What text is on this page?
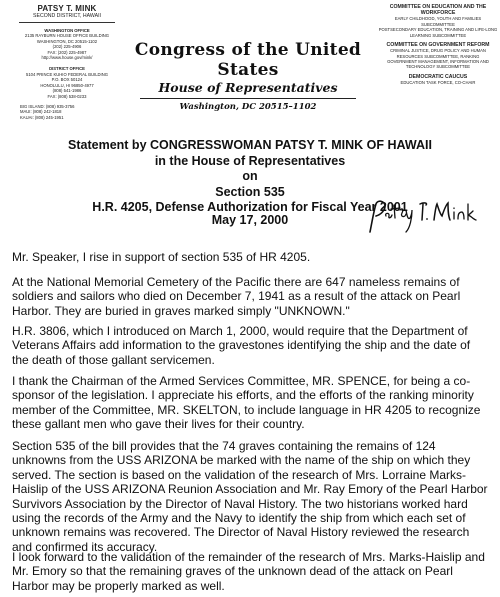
PATSY T. MINK
SECOND DISTRICT, HAWAII
WASHINGTON OFFICE
2135 RAYBURN HOUSE OFFICE BUILDING
WASHINGTON, DC 20515-1102
(202) 225-4906
FAX: (202) 225-4987
http://www.house.gov/mink/
DISTRICT OFFICE
5104 PRINCE KUHIO FEDERAL BUILDING
P.O. BOX 50124
HONOLULU, HI 96850-4977
(808) 541-1986
FAX: (808) 538-0233
BIG ISLAND: (808) 935-3756
MAUI: (808) 242-1818
KAUAI: (808) 245-1951
Congress of the United States
House of Representatives
Washington, DC 20515–1102
COMMITTEE ON EDUCATION AND THE WORKFORCE
EARLY CHILDHOOD, YOUTH AND FAMILIES SUBCOMMITTEE
POSTSECONDARY EDUCATION, TRAINING AND LIFE-LONG LEARNING SUBCOMMITTEE
COMMITTEE ON GOVERNMENT REFORM
CRIMINAL JUSTICE, DRUG POLICY AND HUMAN RESOURCES SUBCOMMITTEE, RANKING
GOVERNMENT MANAGEMENT, INFORMATION AND TECHNOLOGY SUBCOMMITTEE
DEMOCRATIC CAUCUS
EDUCATION TASK FORCE, CO-CHAIR
Statement by CONGRESSWOMAN PATSY T. MINK OF HAWAII
in the House of Representatives
on
Section 535
H.R. 4205, Defense Authorization for Fiscal Year 2001
May 17, 2000

Mr. Speaker, I rise in support of section 535 of HR 4205.

At the National Memorial Cemetery of the Pacific there are 647 nameless remains of soldiers and sailors who died on December 7, 1941 as a result of the attack on Pearl Harbor. They are buried in graves marked simply "UNKNOWN."

H.R. 3806, which I introduced on March 1, 2000, would require that the Department of Veterans Affairs add information to the gravestones identifying the ship and the date of the death of those gallant servicemen.

I thank the Chairman of the Armed Services Committee, MR. SPENCE, for being a co-sponsor of the legislation. I appreciate his efforts, and the efforts of the ranking minority member of the Committee, MR. SKELTON, to include language in HR 4205 to recognize these gallant men who gave their lives for their country.

Section 535 of the bill provides that the 74 graves containing the remains of 124 unknowns from the USS ARIZONA be marked with the name of the ship on which they served. The section is based on the validation of the research of Mrs. Lorraine Marks-Haislip of the USS ARIZONA Reunion Association and Mr. Ray Emory of the Pearl Harbor Survivors Association by the Director of Naval History. The two historians worked hard using the records of the Army and the Navy to identify the ship from which each set of unknown remains was recovered. The Director of Naval History reviewed the research and confirmed its accuracy.

I look forward to the validation of the remainder of the research of Mrs. Marks-Haislip and Mr. Emory so that the remaining graves of the unknown dead of the attack on Pearl Harbor may be properly marked as well.
